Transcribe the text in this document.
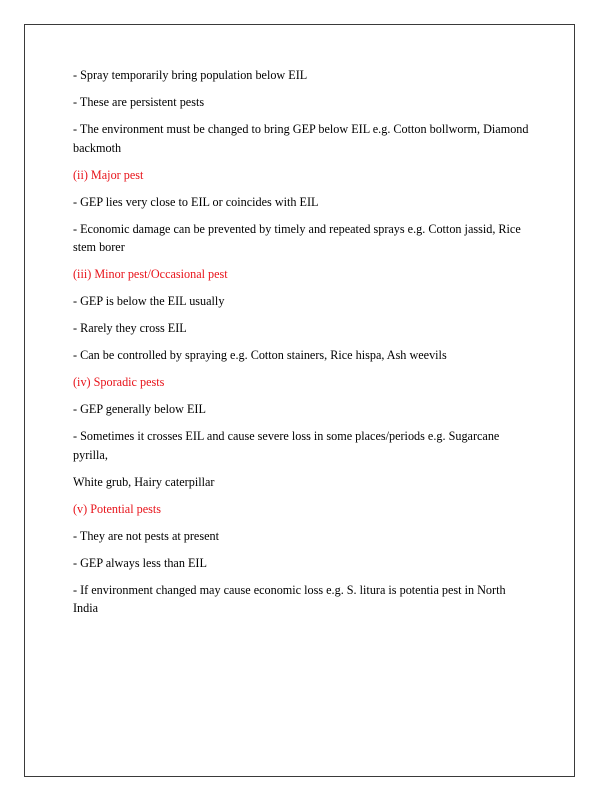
- Spray temporarily bring population below EIL

- These are persistent pests

- The environment must be changed to bring GEP below EIL e.g. Cotton bollworm, Diamond backmoth

(ii) Major pest

- GEP lies very close to EIL or coincides with EIL

- Economic damage can be prevented by timely and repeated sprays e.g. Cotton jassid, Rice stem borer

(iii) Minor pest/Occasional pest

- GEP is below the EIL usually

- Rarely they cross EIL

- Can be controlled by spraying e.g. Cotton stainers, Rice hispa, Ash weevils

(iv) Sporadic pests

- GEP generally below EIL

- Sometimes it crosses EIL and cause severe loss in some places/periods e.g. Sugarcane pyrilla,

White grub, Hairy caterpillar

(v) Potential pests

- They are not pests at present

- GEP always less than EIL

- If environment changed may cause economic loss e.g. S. litura is potentia pest in North India
